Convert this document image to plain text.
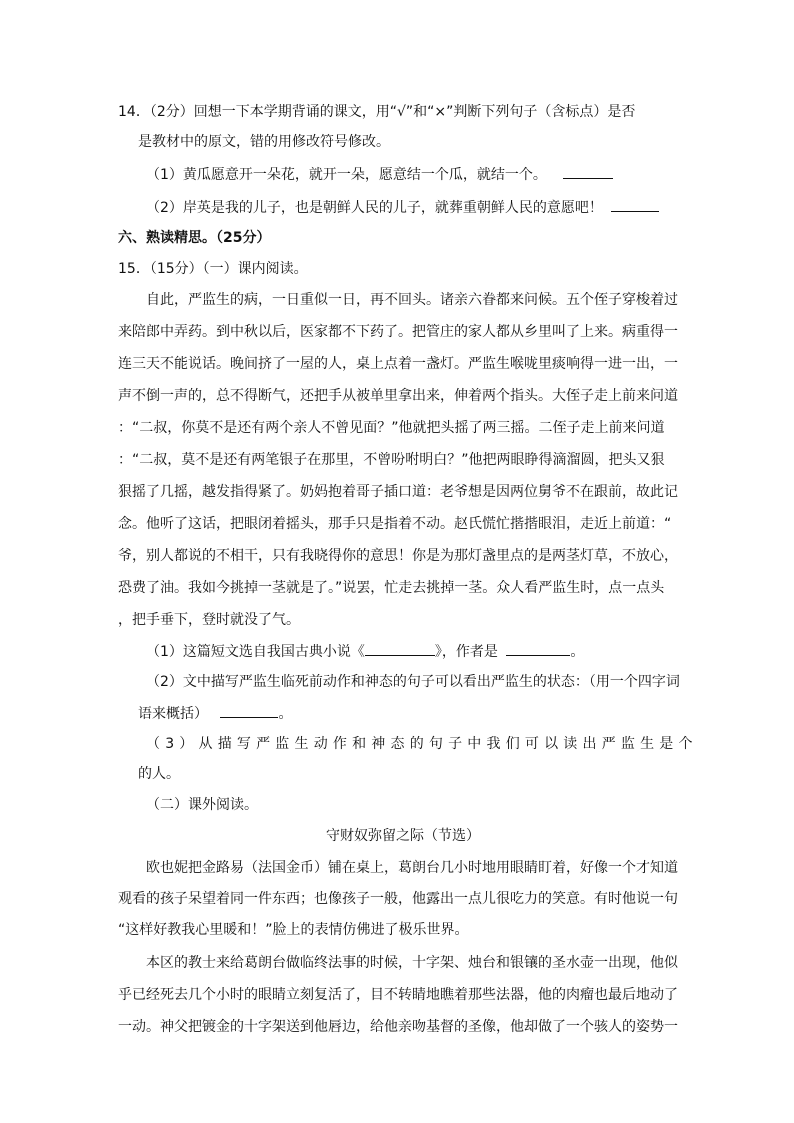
14．（2分）回想一下本学期背诵的课文，用“√”和“×”判断下列句子（含标点）是否
是教材中的原文，错的用修改符号修改。
（1）黄瓜愿意开一朵花，就开一朵，愿意结一个瓜，就结一个。
（2）岸英是我的儿子，也是朝鲜人民的儿子，就葬重朝鲜人民的意愿吧！
六、熟读精思。（25分）
15．（15分）（一）课内阅读。
自此，严监生的病，一日重似一日，再不回头。诸亲六眷都来问候。五个侄子穿梭着过
来陪郎中弄药。到中秋以后，医家都不下药了。把管庄的家人都从乡里叫了上来。病重得一
连三天不能说话。晚间挤了一屋的人，桌上点着一盏灯。严监生喉咙里痰响得一进一出，一
声不倒一声的，总不得断气，还把手从被单里拿出来，伸着两个指头。大侄子走上前来问道
：“二叔，你莫不是还有两个亲人不曾见面？”他就把头摇了两三摇。二侄子走上前来问道
：“二叔，莫不是还有两笔银子在那里，不曾吩咐明白？”他把两眼睁得滴溜圆，把头又狠
狠摇了几摇，越发指得紧了。奶妈抱着哥子插口道：老爷想是因两位舅爷不在跟前，故此记
念。他听了这话，把眼闭着摇头，那手只是指着不动。赵氏慌忙揩揩眼泪，走近上前道：“
爷，别人都说的不相干，只有我晓得你的意思！你是为那灯盏里点的是两茎灯草，不放心，
恐费了油。我如今挑掉一茎就是了。”说罢，忙走去挑掉一茎。众人看严监生时，点一点头
，把手垂下，登时就没了气。
（1）这篇短文选自我国古典小说《	》，作者是	。
（2）文中描写严监生临死前动作和神态的句子可以看出严监生的状态：（用一个四字词
语来概括）	。
（3）从描写严监生动作和神态的句子中我们可以读出严监生是个
的人。
（二）课外阅读。
守财奴弥留之际（节选）
欧也妮把金路易（法国金币）铺在桌上，葛朗台几小时地用眼睛盯着，好像一个才知道
观看的孩子呆望着同一件东西；也像孩子一般，他露出一点儿很吃力的笑意。有时他说一句
“这样好教我心里暖和！”脸上的表情仿佛进了极乐世界。
本区的教士来给葛朗台做临终法事的时候，十字架、烛台和银镶的圣水壶一出现，他似
乎已经死去几个小时的眼睛立刻复活了，目不转睛地瞧着那些法器，他的肉瘤也最后地动了
一动。神父把镀金的十字架送到他唇边，给他亲吻基督的圣像，他却做了一个骇人的姿势一
